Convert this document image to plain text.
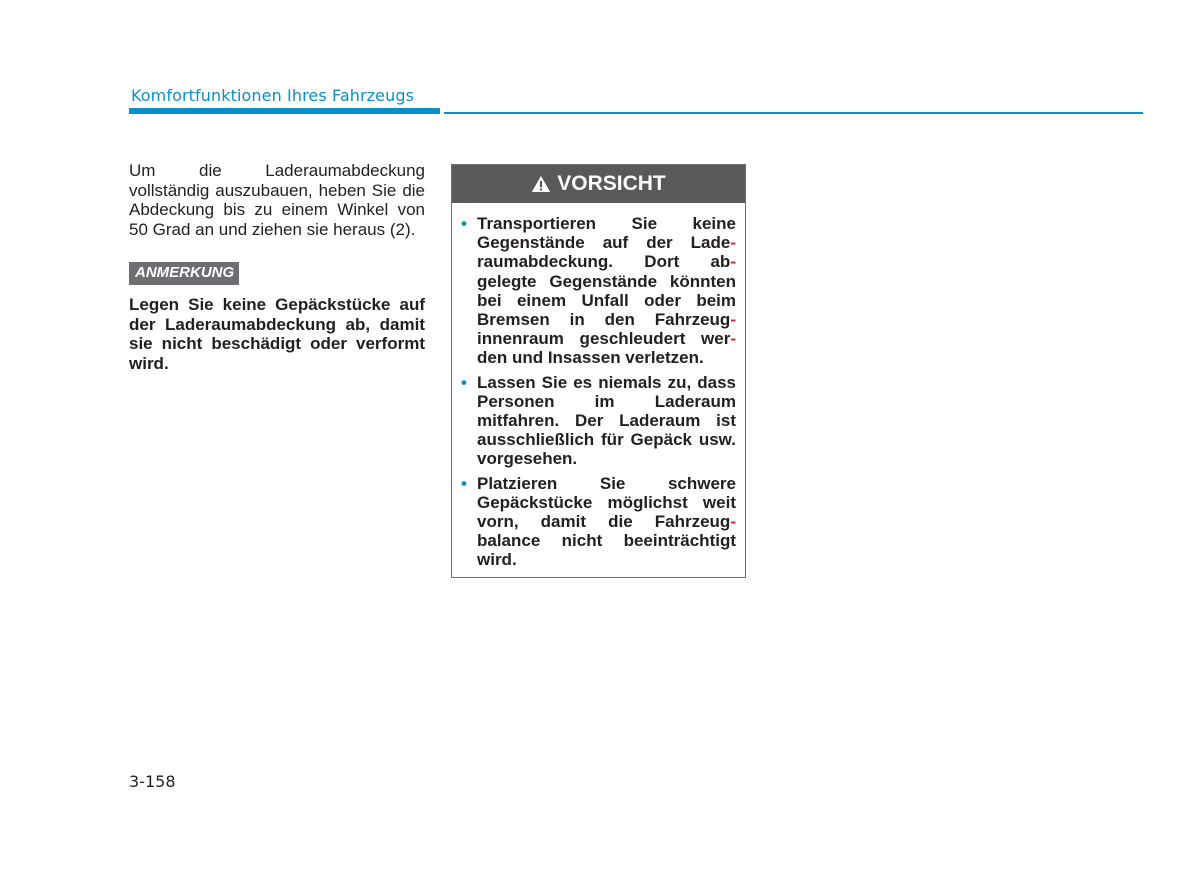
Komfortfunktionen Ihres Fahrzeugs

Um die Laderaumabdeckung vollständig auszubauen, heben Sie die Abdeckung bis zu einem Winkel von 50 Grad an und ziehen sie heraus (2).

ANMERKUNG

Legen Sie keine Gepäckstücke auf der Laderaumabdeckung ab, damit sie nicht beschädigt oder verformt wird.

VORSICHT
• Transportieren Sie keine Gegenstände auf der Lade-raumabdeckung. Dort ab-gelegte Gegenstände könnten bei einem Unfall oder beim Bremsen in den Fahrzeug-innenraum geschleudert wer-den und Insassen verletzen.
• Lassen Sie es niemals zu, dass Personen im Laderaum mitfahren. Der Laderaum ist ausschließlich für Gepäck usw. vorgesehen.
• Platzieren Sie schwere Gepäckstücke möglichst weit vorn, damit die Fahrzeug-balance nicht beeinträchtigt wird.
3-158
